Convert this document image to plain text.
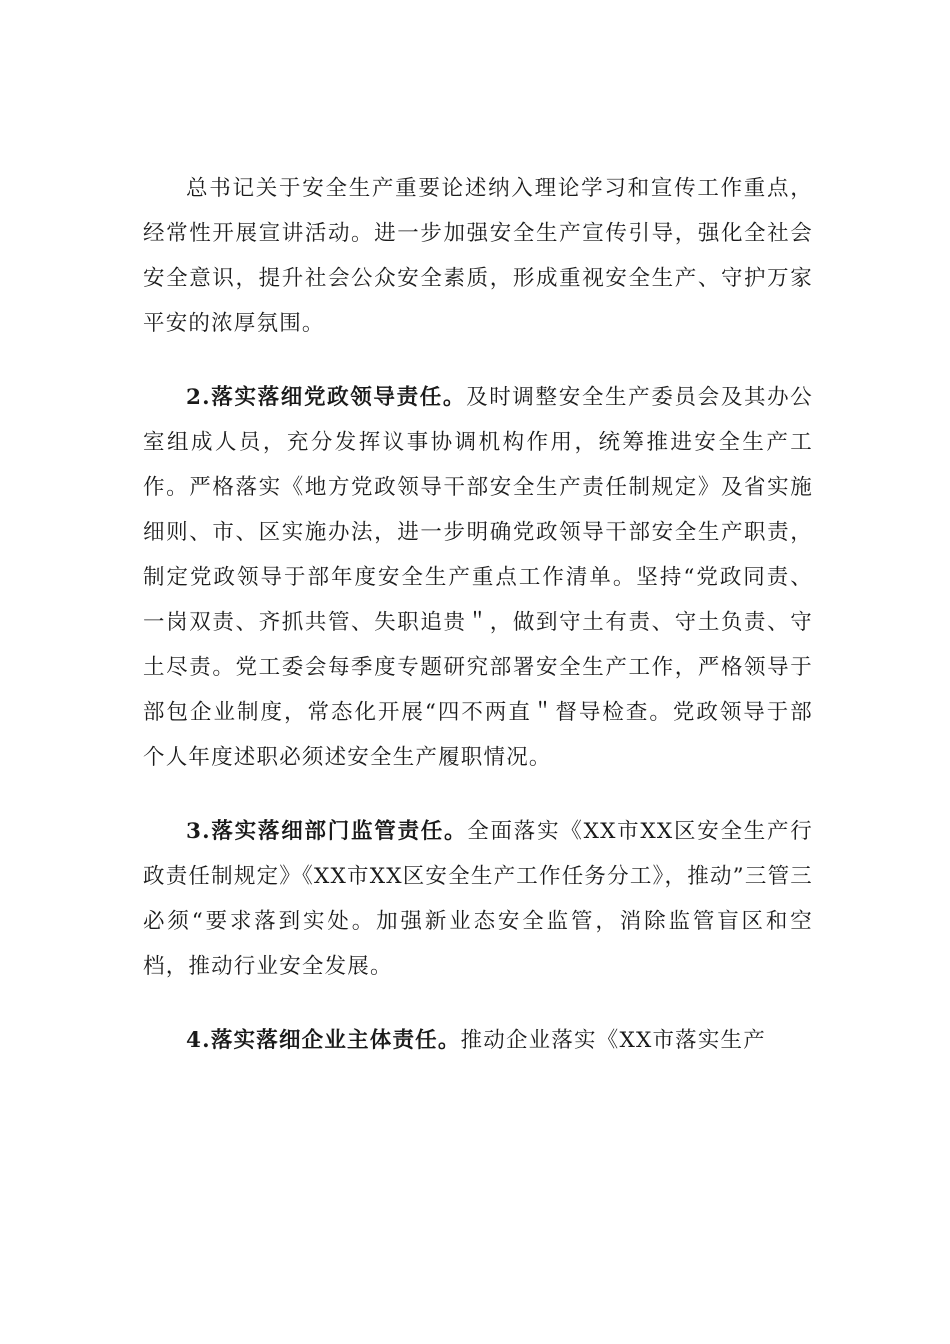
总书记关于安全生产重要论述纳入理论学习和宣传工作重点，经常性开展宣讲活动。进一步加强安全生产宣传引导，强化全社会安全意识，提升社会公众安全素质，形成重视安全生产、守护万家平安的浓厚氛围。

2.落实落细党政领导责任。及时调整安全生产委员会及其办公室组成人员，充分发挥议事协调机构作用，统筹推进安全生产工作。严格落实《地方党政领导干部安全生产责任制规定》及省实施细则、市、区实施办法，进一步明确党政领导干部安全生产职责，制定党政领导于部年度安全生产重点工作清单。坚持“党政同责、一岗双责、齐抓共管、失职追贵＂，做到守土有责、守土负责、守土尽责。党工委会每季度专题研究部署安全生产工作，严格领导于部包企业制度，常态化开展“四不两直＂督导检查。党政领导于部个人年度述职必须述安全生产履职情况。

3.落实落细部门监管责任。全面落实《XX市XX区安全生产行政责任制规定》《XX市XX区安全生产工作任务分工》，推动”三管三必须“要求落到实处。加强新业态安全监管，消除监管盲区和空档，推动行业安全发展。

4.落实落细企业主体责任。推动企业落实《XX市落实生产
